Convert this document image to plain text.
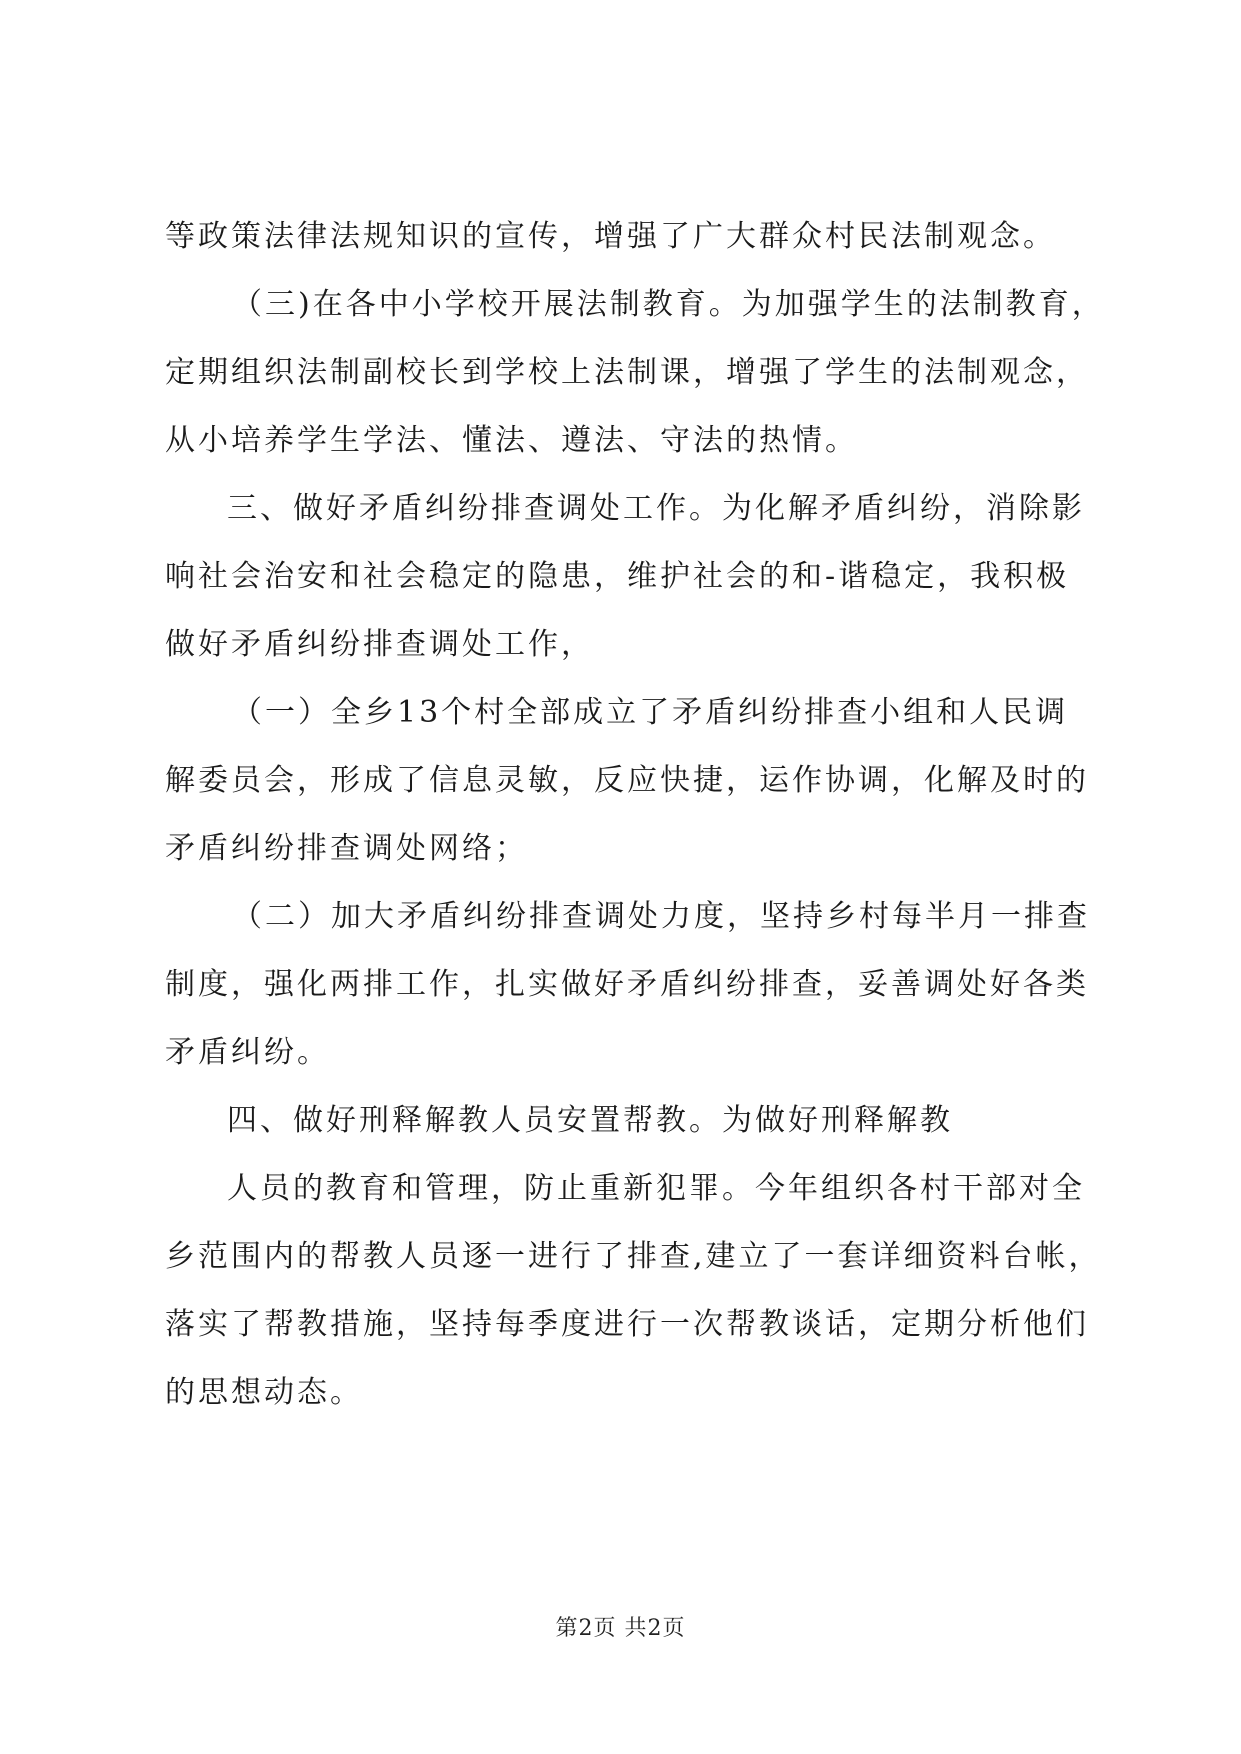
等政策法律法规知识的宣传，增强了广大群众村民法制观念。
（三)在各中小学校开展法制教育。为加强学生的法制教育，
定期组织法制副校长到学校上法制课，增强了学生的法制观念，
从小培养学生学法、懂法、遵法、守法的热情。
三、做好矛盾纠纷排查调处工作。为化解矛盾纠纷，消除影
响社会治安和社会稳定的隐患，维护社会的和-谐稳定，我积极
做好矛盾纠纷排查调处工作，
（一）全乡13个村全部成立了矛盾纠纷排查小组和人民调
解委员会，形成了信息灵敏，反应快捷，运作协调，化解及时的
矛盾纠纷排查调处网络；
（二）加大矛盾纠纷排查调处力度，坚持乡村每半月一排查
制度，强化两排工作，扎实做好矛盾纠纷排查，妥善调处好各类
矛盾纠纷。
四、做好刑释解教人员安置帮教。为做好刑释解教
人员的教育和管理，防止重新犯罪。今年组织各村干部对全
乡范围内的帮教人员逐一进行了排查,建立了一套详细资料台帐，
落实了帮教措施，坚持每季度进行一次帮教谈话，定期分析他们
的思想动态。
第2页 共2页
